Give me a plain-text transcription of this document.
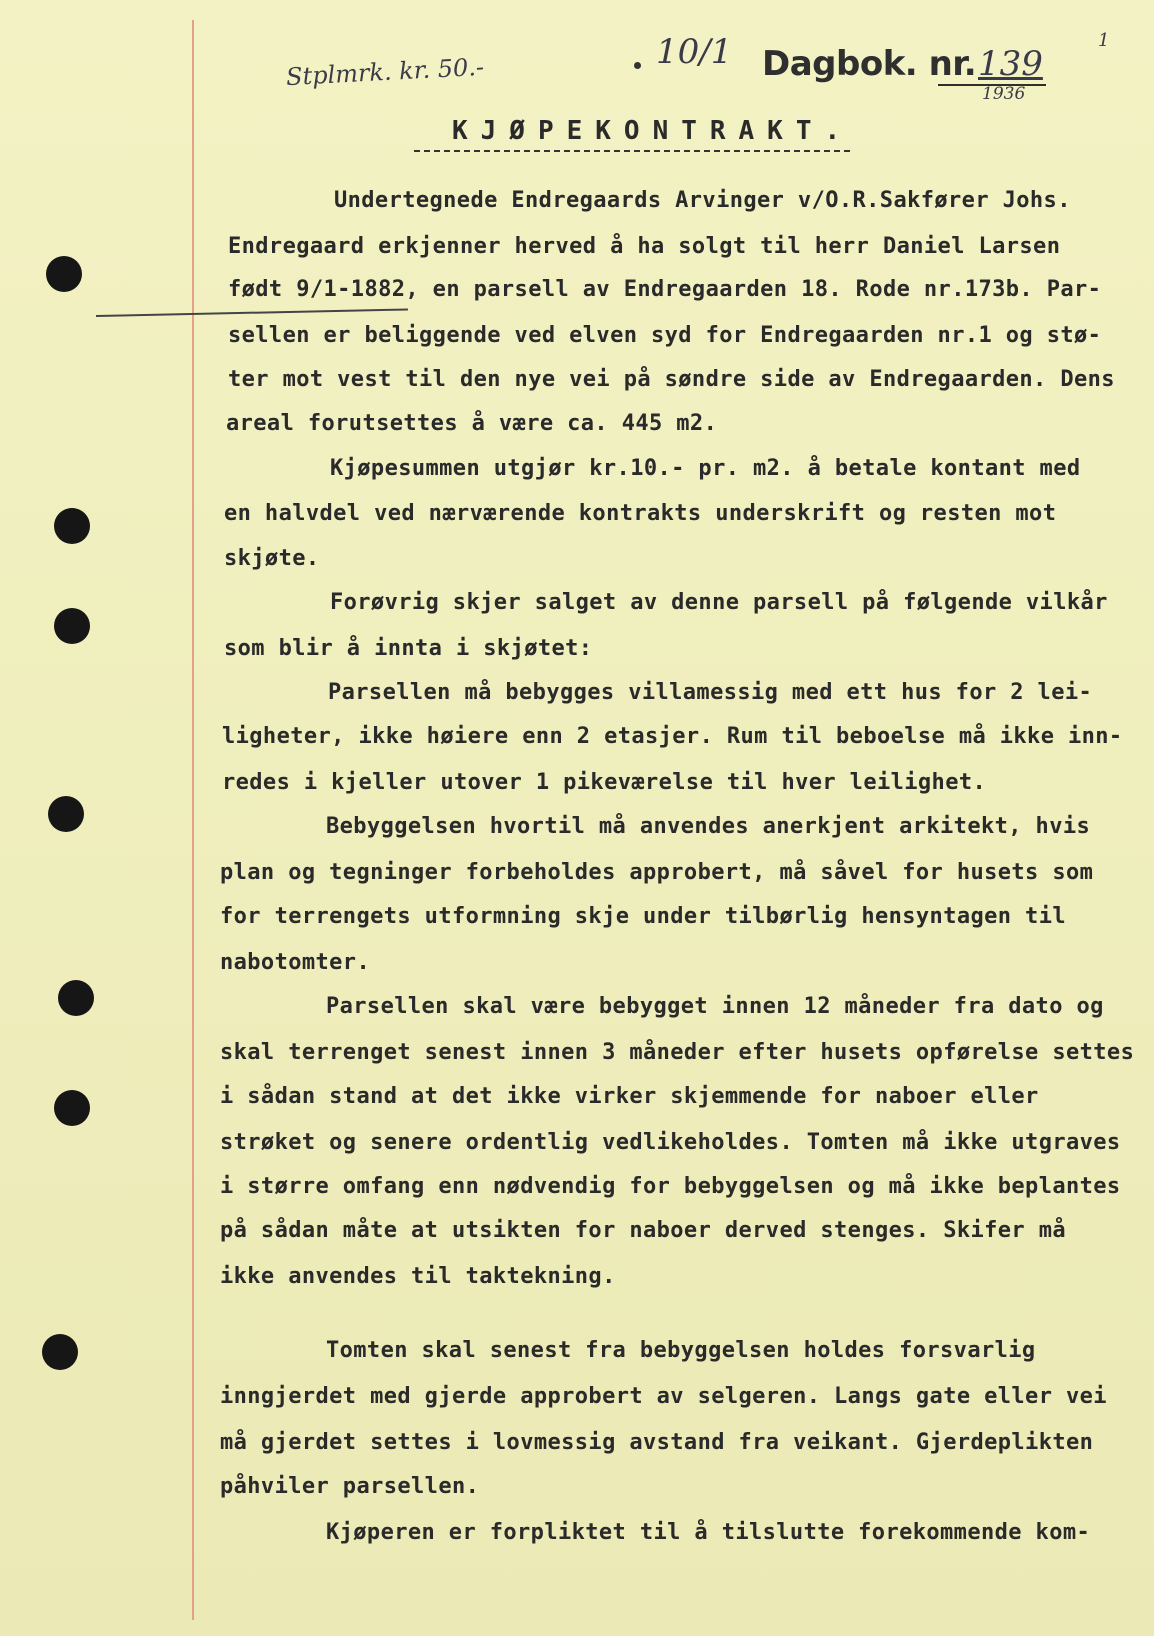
Stplmrk. kr. 50.-	10/1 Dagbok. nr. 139
1936
1
KJØPEKONTRAKT.
Undertegnede Endregaards Arvinger v/O.R.Sakfører Johs.
Endregaard erkjenner herved å ha solgt til herr Daniel Larsen
født 9/1-1882, en parsell av Endregaarden 18. Rode nr.173b. Par-
sellen er beliggende ved elven syd for Endregaarden nr.1 og stø-
ter mot vest til den nye vei på søndre side av Endregaarden. Dens
areal forutsettes å være ca. 445 m2.
Kjøpesummen utgjør kr.10.- pr. m2. å betale kontant med
en halvdel ved nærværende kontrakts underskrift og resten mot
skjøte.
Forøvrig skjer salget av denne parsell på følgende vilkår
som blir å innta i skjøtet:
Parsellen må bebygges villamessig med ett hus for 2 lei-
ligheter, ikke høiere enn 2 etasjer. Rum til beboelse må ikke inn-
redes i kjeller utover 1 pikeværelse til hver leilighet.
Bebyggelsen hvortil må anvendes anerkjent arkitekt, hvis
plan og tegninger forbeholdes approbert, må såvel for husets som
for terrengets utformning skje under tilbørlig hensyntagen til
nabotomter.
Parsellen skal være bebygget innen 12 måneder fra dato og
skal terrenget senest innen 3 måneder efter husets opførelse settes
i sådan stand at det ikke virker skjemmende for naboer eller
strøket og senere ordentlig vedlikeholdes. Tomten må ikke utgraves
i større omfang enn nødvendig for bebyggelsen og må ikke beplantes
på sådan måte at utsikten for naboer derved stenges. Skifer må
ikke anvendes til taktekning.
Tomten skal senest fra bebyggelsen holdes forsvarlig
inngjerdet med gjerde approbert av selgeren. Langs gate eller vei
må gjerdet settes i lovmessig avstand fra veikant. Gjerdeplikten
påhviler parsellen.
Kjøperen er forpliktet til å tilslutte forekommende kom-
